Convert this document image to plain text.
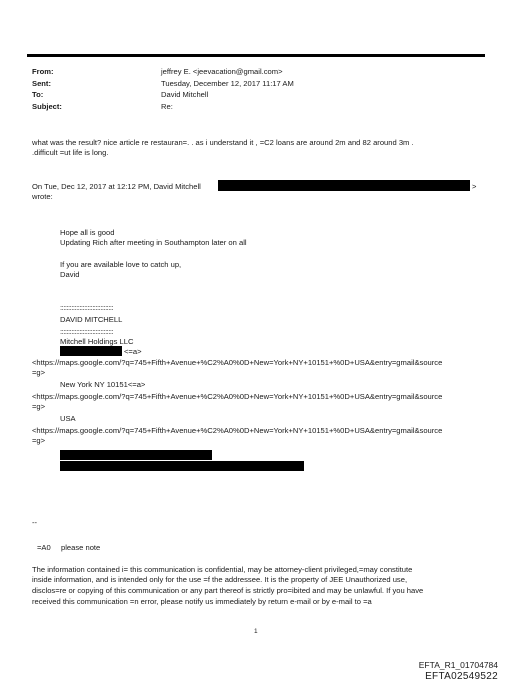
From:
Sent:
To:
Subject:
jeffrey E. <jeevacation@gmail.com>
Tuesday, December 12, 2017 11:17 AM
David Mitchell
Re:
what was the result? nice article re restauran=. . as i understand it , =C2 loans are around 2m and 82 around 3m .
.difficult =ut life is long.
On Tue, Dec 12, 2017 at 12:12 PM, David Mitchell	>
wrote:
Hope all is good
Updating Rich after meeting in Southampton later on all
If you are available love to catch up,
David
:::::::::::::::::::::::::::::::::
DAVID MITCHELL
:::::::::::::::::::::::::::::::::
Mitchell Holdings LLC
<=a>
<https://maps.google.com/?q=745+Fifth+Avenue+%C2%A0%0D+New=York+NY+10151+%0D+USA&entry=gmail&source
=g>
New York NY 10151<=a>
<https://maps.google.com/?q=745+Fifth+Avenue+%C2%A0%0D+New=York+NY+10151+%0D+USA&entry=gmail&source
=g>
USA
<https://maps.google.com/?q=745+Fifth+Avenue+%C2%A0%0D+New=York+NY+10151+%0D+USA&entry=gmail&source
=g>
--
=A0 please note
The information contained i= this communication is confidential, may be attorney-client privileged,=may constitute
inside information, and is intended only for the use =f the addressee. It is the property of JEE Unauthorized use,
disclos=re or copying of this communication or any part thereof is strictly pro=ibited and may be unlawful. If you have
received this communication =n error, please notify us immediately by return e-mail or by e-mail to =a
1
EFTA_R1_01704784
EFTA02549522
